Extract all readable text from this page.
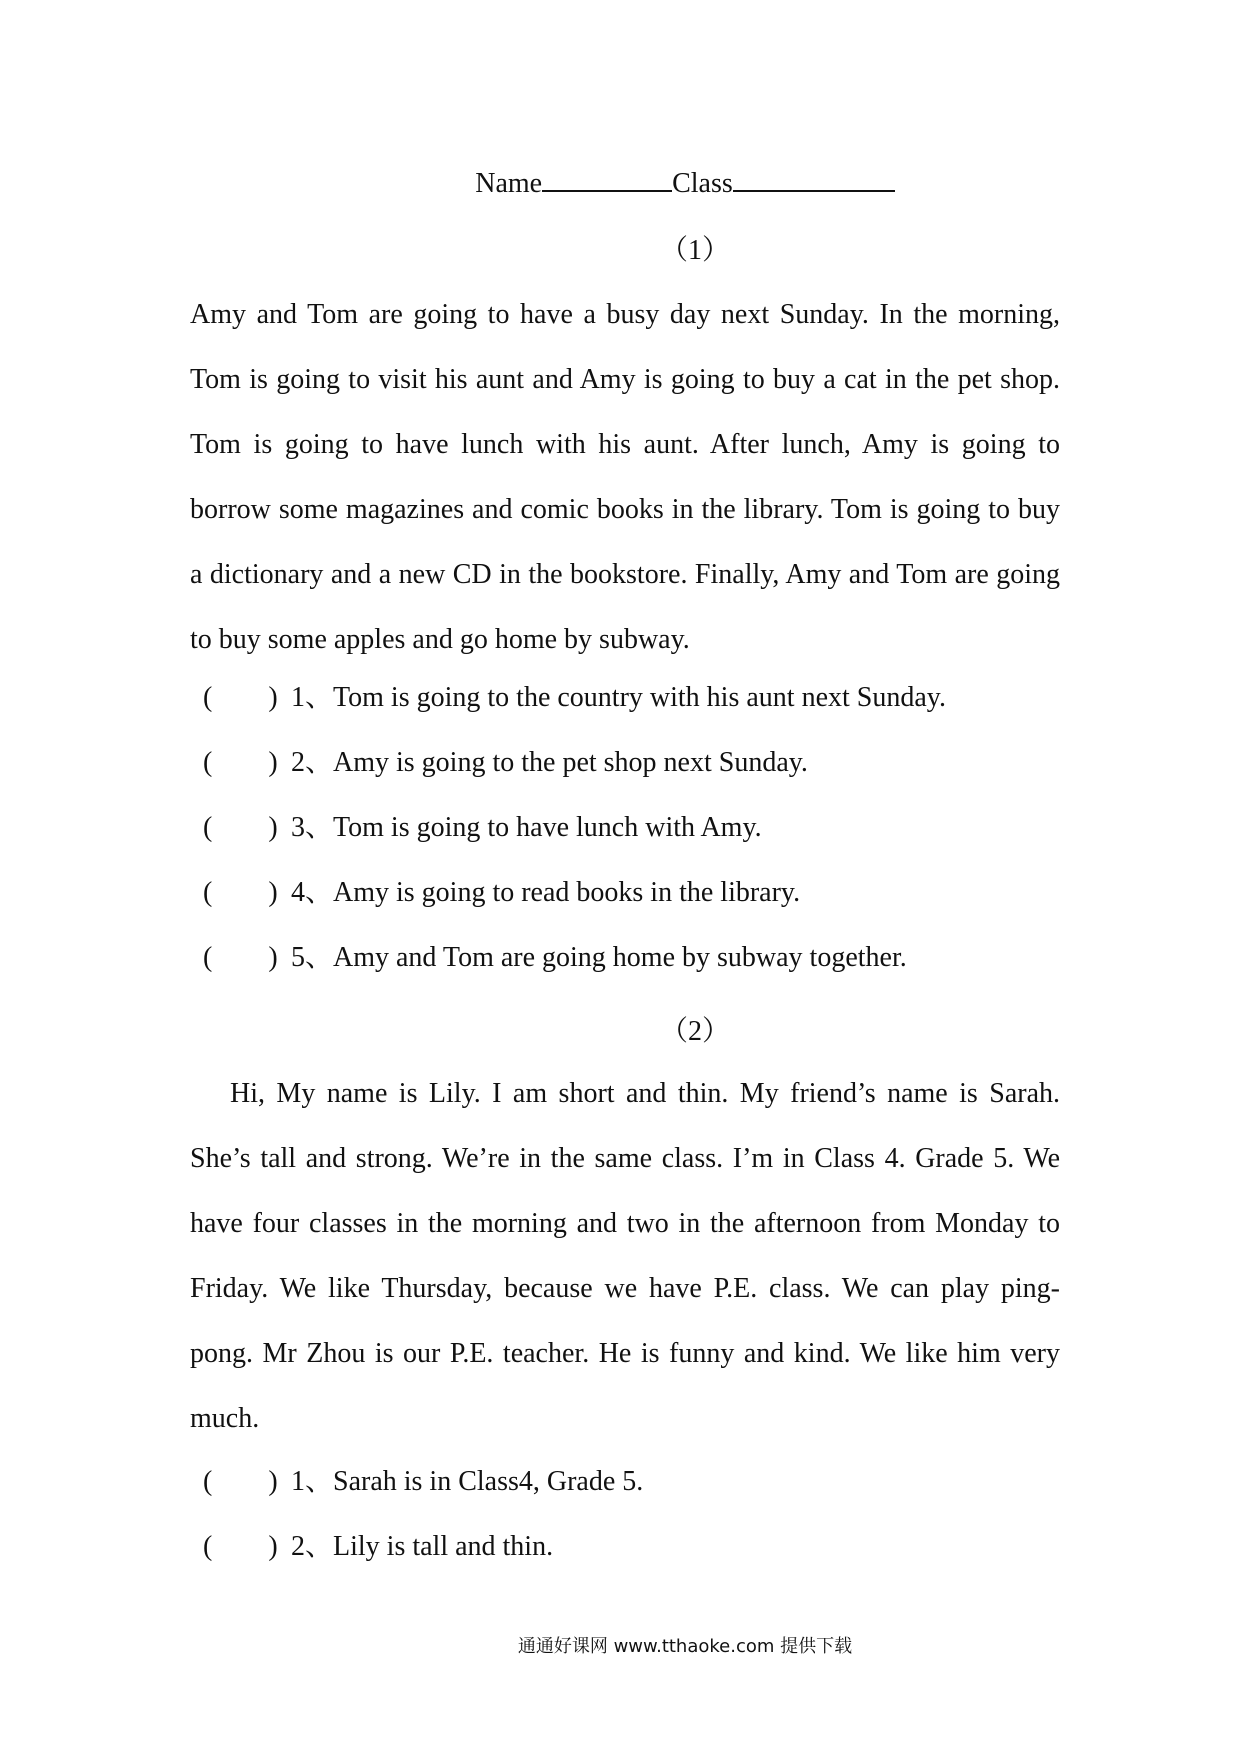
Name	Class
（1）
Amy and Tom are going to have a busy day next Sunday. In the morning, Tom is going to visit his aunt and Amy is going to buy a cat in the pet shop. Tom is going to have lunch with his aunt. After lunch, Amy is going to borrow some magazines and comic books in the library. Tom is going to buy a dictionary and a new CD in the bookstore. Finally, Amy and Tom are going to buy some apples and go home by subway.
(　　) 1、Tom is going to the country with his aunt next Sunday.
(　　) 2、Amy is going to the pet shop next Sunday.
(　　) 3、Tom is going to have lunch with Amy.
(　　) 4、Amy is going to read books in the library.
(　　) 5、Amy and Tom are going home by subway together.
（2）
Hi, My name is Lily. I am short and thin. My friend’s name is Sarah. She’s tall and strong. We’re in the same class. I’m in Class 4. Grade 5. We have four classes in the morning and two in the afternoon from Monday to Friday. We like Thursday, because we have P.E. class. We can play ping-pong. Mr Zhou is our P.E. teacher. He is funny and kind. We like him very much.
(　　) 1、Sarah is in Class4, Grade 5.
(　　) 2、Lily is tall and thin.
通通好课网 www.tthaoke.com 提供下载
